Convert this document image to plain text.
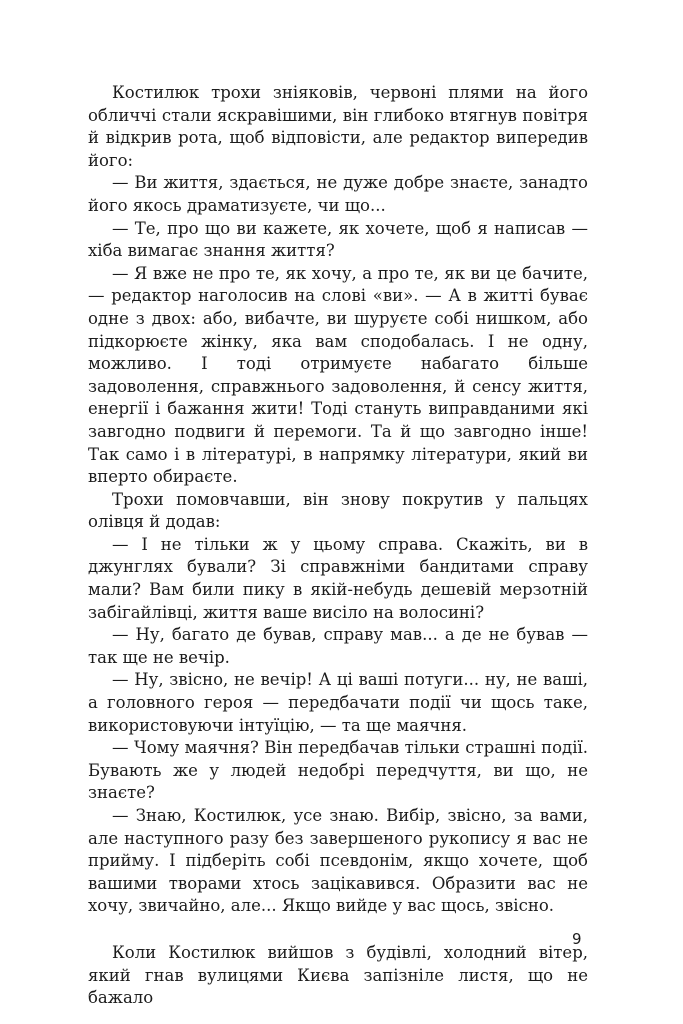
Костилюк трохи зніяковів, червоні плями на його обличчі стали яскравішими, він глибоко втягнув повітря й відкрив рота, щоб відповісти, але редактор випередив його:

— Ви життя, здається, не дуже добре знаєте, занадто його якось драматизуєте, чи що...

— Те, про що ви кажете, як хочете, щоб я написав — хіба вимагає знання життя?

— Я вже не про те, як хочу, а про те, як ви це бачите, — редактор наголосив на слові «ви». — А в житті буває одне з двох: або, вибачте, ви шуруєте собі нишком, або підкорюєте жінку, яка вам сподобалась. І не одну, можливо. І тоді отримуєте набагато більше задоволення, справжнього задоволення, й сенсу життя, енергії і бажання жити! Тоді стануть виправданими які завгодно подвиги й перемоги. Та й що завгодно інше! Так само і в літературі, в напрямку літератури, який ви вперто обираєте.

Трохи помовчавши, він знову покрутив у пальцях олівця й додав:

— І не тільки ж у цьому справа. Скажіть, ви в джунглях бували? Зі справжніми бандитами справу мали? Вам били пику в якій-небудь дешевій мерзотній забігайлівці, життя ваше висіло на волосині?

— Ну, багато де бував, справу мав... а де не бував — так ще не вечір.

— Ну, звісно, не вечір! А ці ваші потуги... ну, не ваші, а головного героя — передбачати події чи щось таке, використовуючи інтуїцію, — та ще маячня.

— Чому маячня? Він передбачав тільки страшні події. Бувають же у людей недобрі передчуття, ви що, не знаєте?

— Знаю, Костилюк, усе знаю. Вибір, звісно, за вами, але наступного разу без завершеного рукопису я вас не прийму. І підберіть собі псевдонім, якщо хочете, щоб вашими творами хтось зацікавився. Образити вас не хочу, звичайно, але... Якщо вийде у вас щось, звісно.

Коли Костилюк вийшов з будівлі, холодний вітер, який гнав вулицями Києва запізніле листя, що не бажало

9
